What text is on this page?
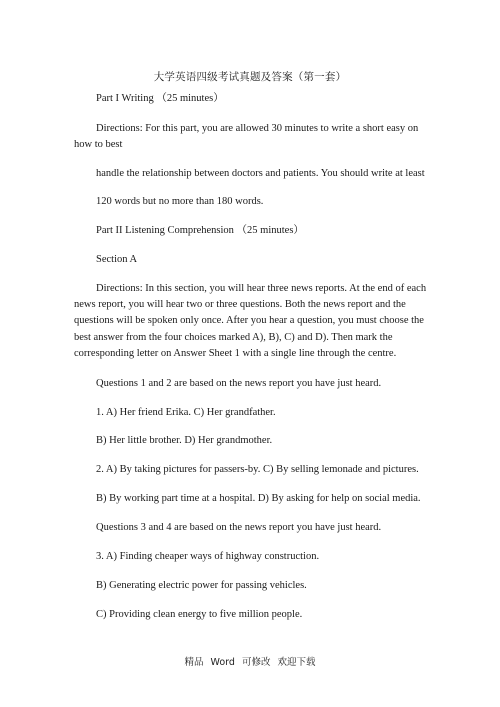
大学英语四级考试真题及答案（第一套）
Part I Writing （25 minutes）
Directions: For this part, you are allowed 30 minutes to write a short easy on
how to best
handle the relationship between doctors and patients. You should write at least
120 words but no more than 180 words.
Part II Listening Comprehension （25 minutes）
Section A
Directions: In this section, you will hear three news reports. At the end of each
news report, you will hear two or three questions. Both the news report and the
questions will be spoken only once. After you hear a question, you must choose the
best answer from the four choices marked A), B), C) and D). Then mark the
corresponding letter on Answer Sheet 1 with a single line through the centre.
Questions 1 and 2 are based on the news report you have just heard.
1. A) Her friend Erika. C) Her grandfather.
B) Her little brother. D) Her grandmother.
2. A) By taking pictures for passers-by. C) By selling lemonade and pictures.
B) By working part time at a hospital. D) By asking for help on social media.
Questions 3 and 4 are based on the news report you have just heard.
3. A) Finding cheaper ways of highway construction.
B) Generating electric power for passing vehicles.
C) Providing clean energy to five million people.
精品 Word 可修改 欢迎下载
